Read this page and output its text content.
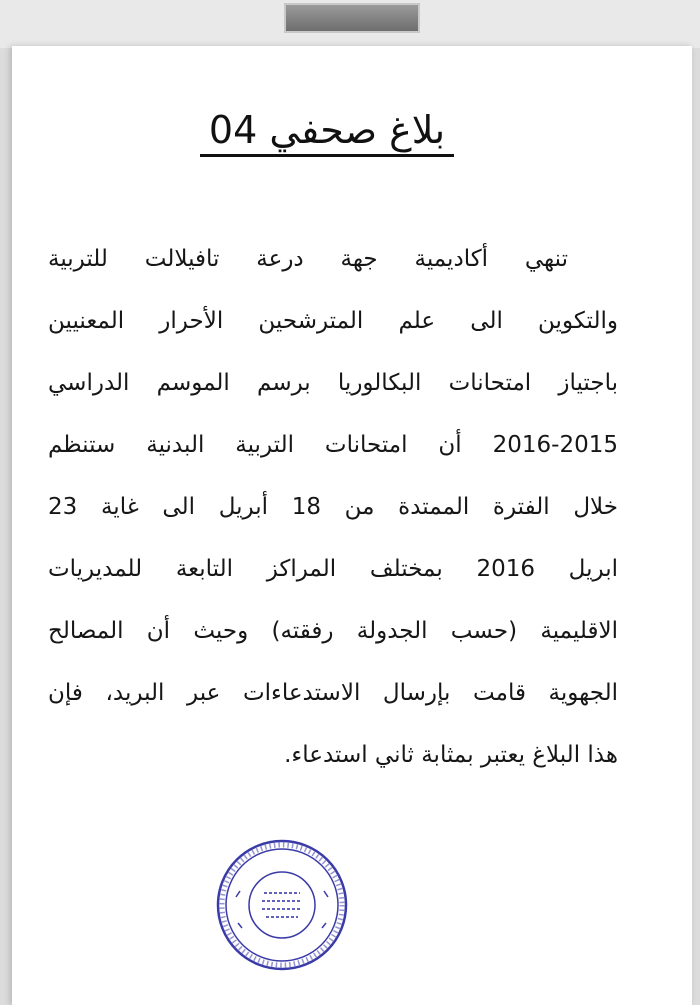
بلاغ صحفي 04
تنهي أكاديمية جهة درعة تافيلالت للتربية
والتكوين الى علم المترشحين الأحرار المعنيين
باجتياز امتحانات البكالوريا برسم الموسم الدراسي
2016-2015 أن امتحانات التربية البدنية ستنظم
خلال الفترة الممتدة من 18 أبريل الى غاية 23
ابريل 2016 بمختلف المراكز التابعة للمديريات
الاقليمية (حسب الجدولة رفقته) وحيث أن المصالح
الجهوية قامت بإرسال الاستدعاءات عبر البريد، فإن
هذا البلاغ يعتبر بمثابة ثاني استدعاء.
